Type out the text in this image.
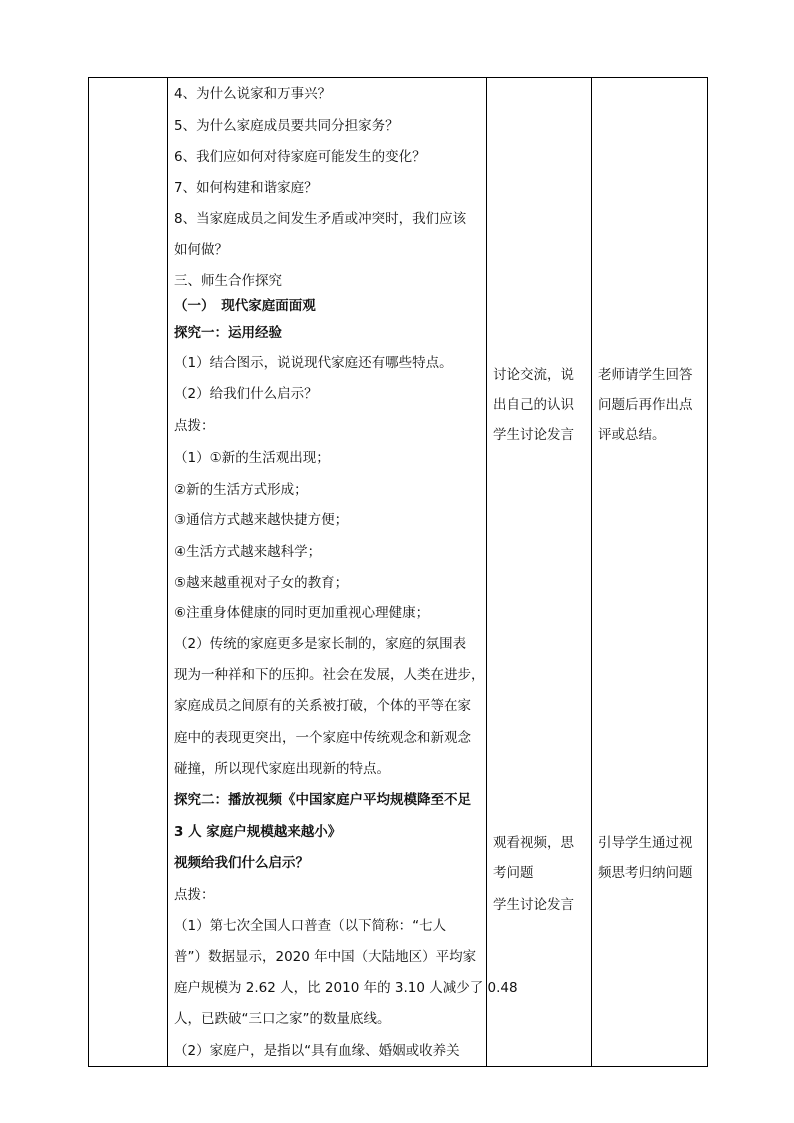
4、为什么说家和万事兴？
5、为什么家庭成员要共同分担家务？
6、我们应如何对待家庭可能发生的变化？
7、如何构建和谐家庭？
8、当家庭成员之间发生矛盾或冲突时，我们应该
如何做？
三、师生合作探究
（一）　现代家庭面面观
探究一：运用经验
（1）结合图示，说说现代家庭还有哪些特点。
（2）给我们什么启示？
点拨：
（1）①新的生活观出现；
②新的生活方式形成；
③通信方式越来越快捷方便；
④生活方式越来越科学；
⑤越来越重视对子女的教育；
⑥注重身体健康的同时更加重视心理健康；
（2）传统的家庭更多是家长制的，家庭的氛围表
现为一种祥和下的压抑。社会在发展，人类在进步，
家庭成员之间原有的关系被打破，个体的平等在家
庭中的表现更突出，一个家庭中传统观念和新观念
碰撞，所以现代家庭出现新的特点。
探究二：播放视频《中国家庭户平均规模降至不足
3 人 家庭户规模越来越小》
视频给我们什么启示？
点拨：
（1）第七次全国人口普查（以下简称：“七人
普”）数据显示，2020 年中国（大陆地区）平均家
庭户规模为 2.62 人，比 2010 年的 3.10 人减少了 0.48
人，已跌破“三口之家”的数量底线。
（2）家庭户，是指以“具有血缘、婚姻或收养关
讨论交流，说
出自己的认识
学生讨论发言
观看视频，思
考问题
学生讨论发言
老师请学生回答
问题后再作出点
评或总结。
引导学生通过视
频思考归纳问题
